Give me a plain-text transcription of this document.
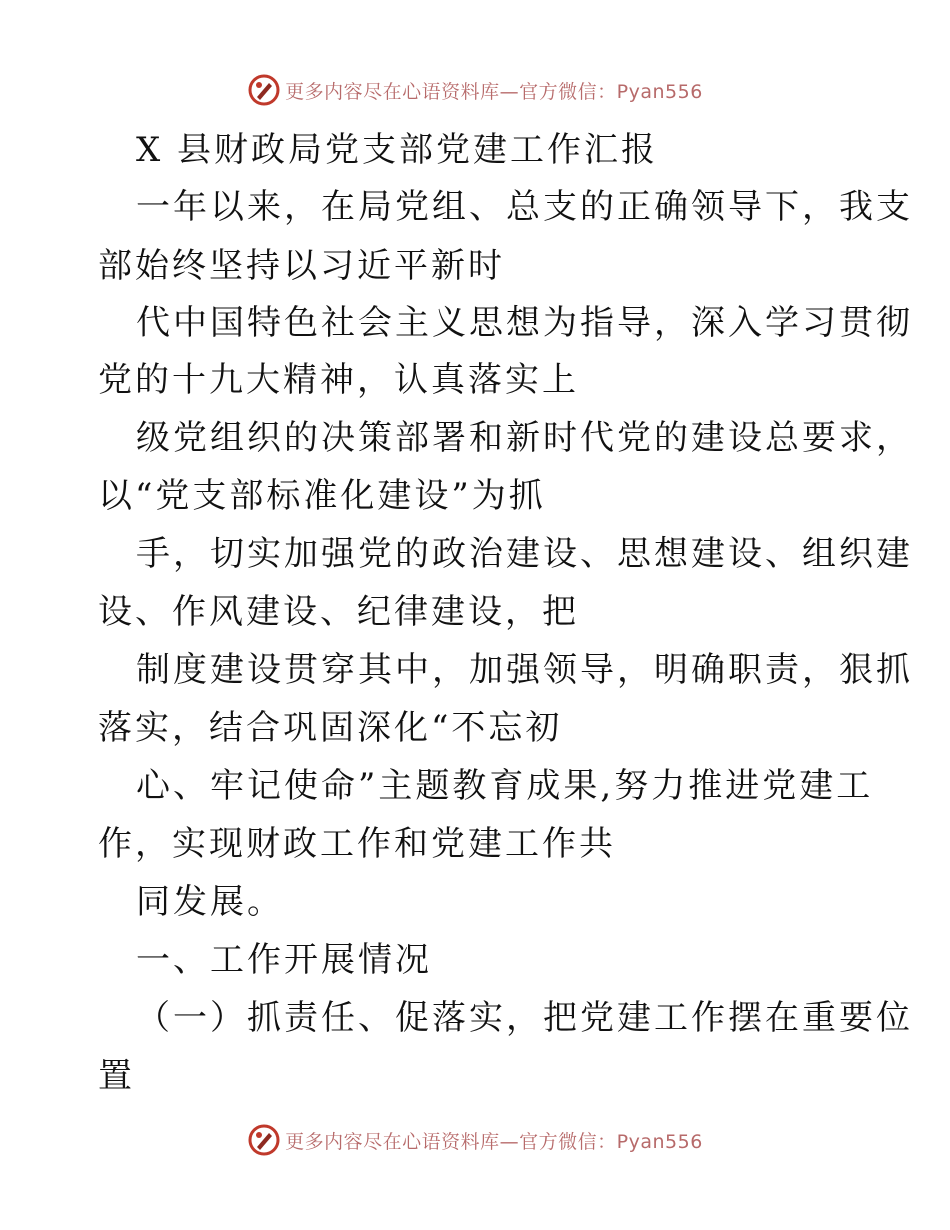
更多内容尽在心语资料库—官方微信：Pyan556
X 县财政局党支部党建工作汇报
一年以来，在局党组、总支的正确领导下，我支
部始终坚持以习近平新时
代中国特色社会主义思想为指导，深入学习贯彻
党的十九大精神，认真落实上
级党组织的决策部署和新时代党的建设总要求，
以“党支部标准化建设”为抓
手，切实加强党的政治建设、思想建设、组织建
设、作风建设、纪律建设，把
制度建设贯穿其中，加强领导，明确职责，狠抓
落实，结合巩固深化“不忘初
心、牢记使命”主题教育成果,努力推进党建工
作，实现财政工作和党建工作共
同发展。
一、工作开展情况
（一）抓责任、促落实，把党建工作摆在重要位
置
更多内容尽在心语资料库—官方微信：Pyan556
